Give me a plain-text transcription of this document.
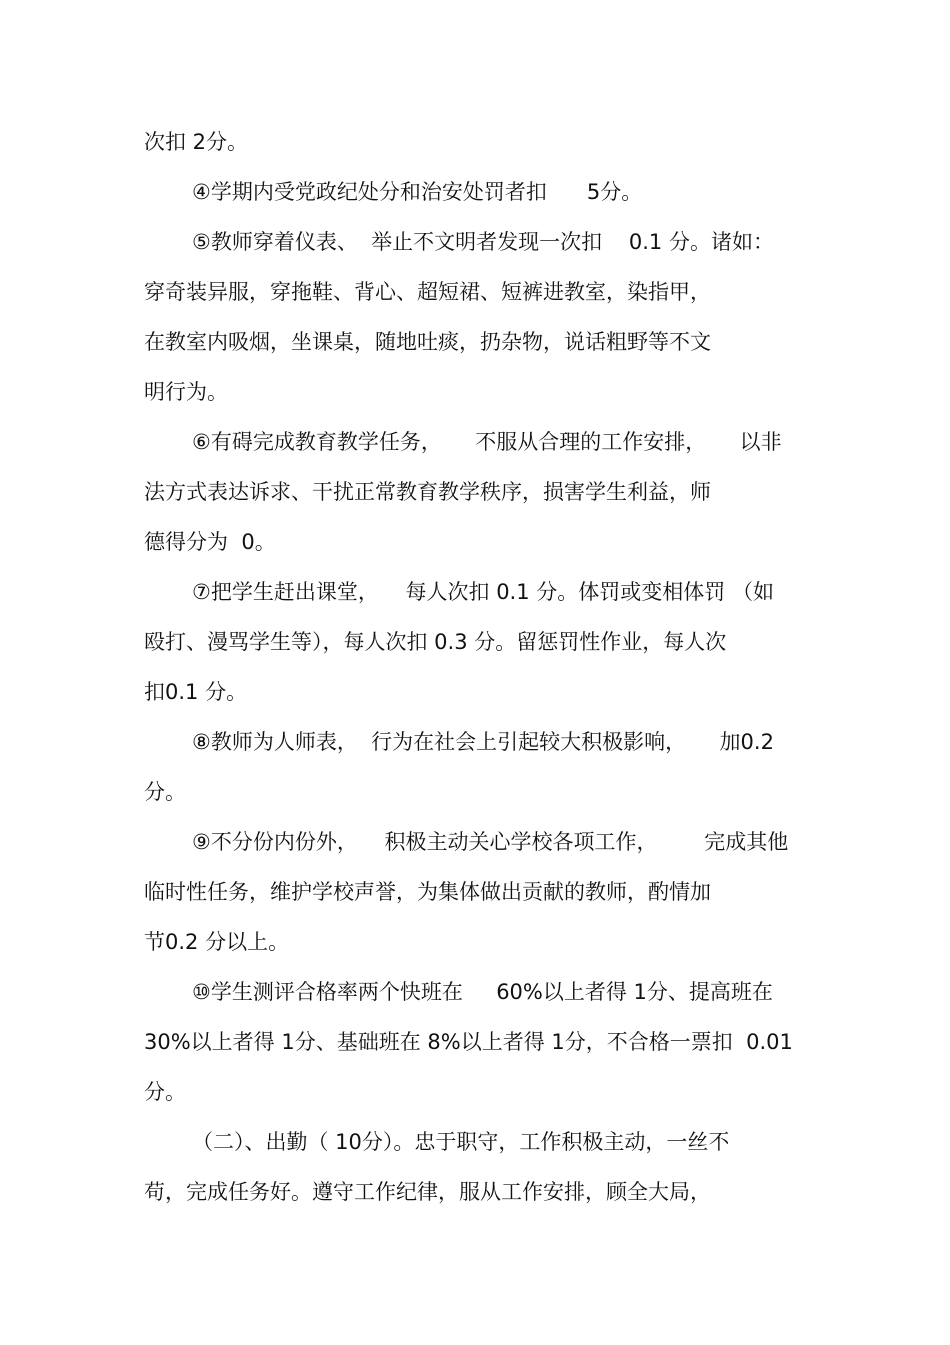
次扣 2分。
④学期内受党政纪处分和治安处罚者扣      5分。
⑤教师穿着仪表、  举止不文明者发现一次扣    0.1 分。诸如：
穿奇装异服，穿拖鞋、背心、超短裙、短裤进教室，染指甲，
在教室内吸烟，坐课桌，随地吐痰，扔杂物，说话粗野等不文
明行为。
⑥有碍完成教育教学任务，     不服从合理的工作安排，     以非
法方式表达诉求、干扰正常教育教学秩序，损害学生利益，师
德得分为  0。
⑦把学生赶出课堂，    每人次扣 0.1 分。体罚或变相体罚 （如
殴打、漫骂学生等），每人次扣 0.3 分。留惩罚性作业，每人次
扣0.1 分。
⑧教师为人师表，  行为在社会上引起较大积极影响，     加0.2
分。
⑨不分份内份外，    积极主动关心学校各项工作，       完成其他
临时性任务，维护学校声誉，为集体做出贡献的教师，酌情加
节0.2 分以上。
⑩学生测评合格率两个快班在     60%以上者得 1分、提高班在
30%以上者得 1分、基础班在 8%以上者得 1分，不合格一票扣  0.01
分。
（二）、出勤（ 10分）。忠于职守，工作积极主动，一丝不
苟，完成任务好。遵守工作纪律，服从工作安排，顾全大局，
